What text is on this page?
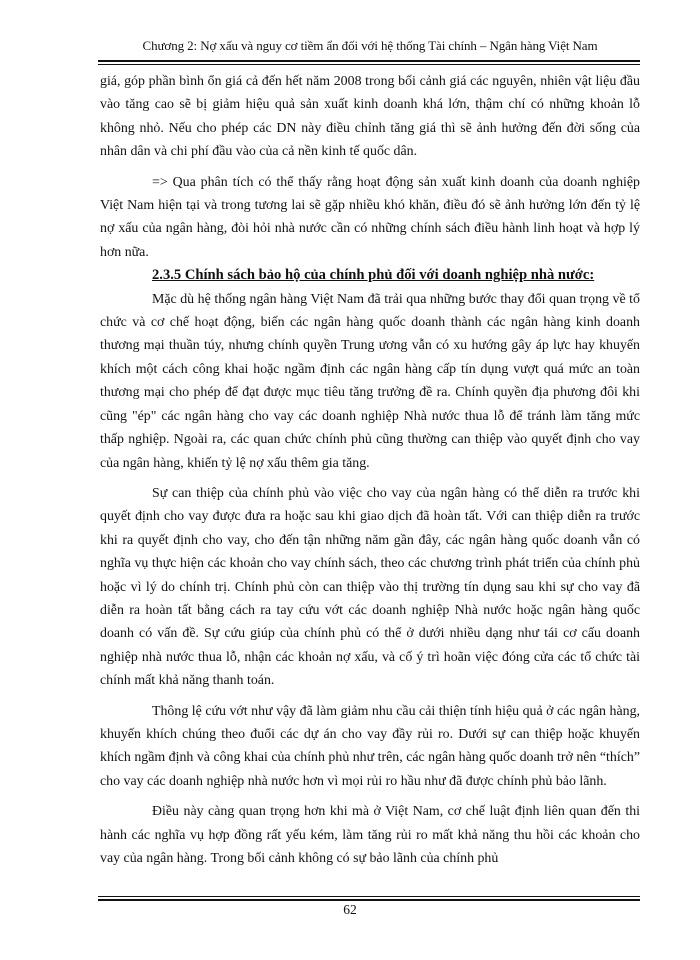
Chương 2: Nợ xấu và nguy cơ tiềm ẩn đối với hệ thống Tài chính – Ngân hàng Việt Nam

giá, góp phần bình ổn giá cả đến hết năm 2008 trong bối cảnh giá các nguyên, nhiên vật liệu đầu vào tăng cao sẽ bị giảm hiệu quả sản xuất kinh doanh khá lớn, thậm chí có những khoản lỗ không nhỏ. Nếu cho phép các DN này điều chỉnh tăng giá thì sẽ ảnh hưởng đến đời sống của nhân dân và chi phí đầu vào của cả nền kinh tế quốc dân.

=> Qua phân tích có thể thấy rằng hoạt động sản xuất kinh doanh của doanh nghiệp Việt Nam hiện tại và trong tương lai sẽ gặp nhiều khó khăn, điều đó sẽ ảnh hưởng lớn đến tỷ lệ nợ xấu của ngân hàng, đòi hỏi nhà nước cần có những chính sách điều hành linh hoạt và hợp lý hơn nữa.

2.3.5 Chính sách bảo hộ của chính phủ đối với doanh nghiệp nhà nước:

Mặc dù hệ thống ngân hàng Việt Nam đã trải qua những bước thay đổi quan trọng về tổ chức và cơ chế hoạt động, biến các ngân hàng quốc doanh thành các ngân hàng kinh doanh thương mại thuần túy, nhưng chính quyền Trung ương vẫn có xu hướng gây áp lực hay khuyến khích một cách công khai hoặc ngầm định các ngân hàng cấp tín dụng vượt quá mức an toàn thương mại cho phép để đạt được mục tiêu tăng trưởng đề ra. Chính quyền địa phương đôi khi cũng "ép" các ngân hàng cho vay các doanh nghiệp Nhà nước thua lỗ để tránh làm tăng mức thấp nghiệp. Ngoài ra, các quan chức chính phủ cũng thường can thiệp vào quyết định cho vay của ngân hàng, khiến tỷ lệ nợ xấu thêm gia tăng.

Sự can thiệp của chính phủ vào việc cho vay của ngân hàng có thể diễn ra trước khi quyết định cho vay được đưa ra hoặc sau khi giao dịch đã hoàn tất. Với can thiệp diễn ra trước khi ra quyết định cho vay, cho đến tận những năm gần đây, các ngân hàng quốc doanh vẫn có nghĩa vụ thực hiện các khoản cho vay chính sách, theo các chương trình phát triển của chính phủ hoặc vì lý do chính trị. Chính phủ còn can thiệp vào thị trường tín dụng sau khi sự cho vay đã diễn ra hoàn tất bằng cách ra tay cứu vớt các doanh nghiệp Nhà nước hoặc ngân hàng quốc doanh có vấn đề. Sự cứu giúp của chính phủ có thể ở dưới nhiều dạng như tái cơ cấu doanh nghiệp nhà nước thua lỗ, nhận các khoản nợ xấu, và cố ý trì hoãn việc đóng cửa các tổ chức tài chính mất khả năng thanh toán.

Thông lệ cứu vớt như vậy đã làm giảm nhu cầu cải thiện tính hiệu quả ở các ngân hàng, khuyến khích chúng theo đuổi các dự án cho vay đầy rủi ro. Dưới sự can thiệp hoặc khuyến khích ngầm định và công khai của chính phủ như trên, các ngân hàng quốc doanh trở nên “thích” cho vay các doanh nghiệp nhà nước hơn vì mọi rủi ro hầu như đã được chính phủ bảo lãnh.

Điều này càng quan trọng hơn khi mà ở Việt Nam, cơ chế luật định liên quan đến thi hành các nghĩa vụ hợp đồng rất yếu kém, làm tăng rủi ro mất khả năng thu hồi các khoản cho vay của ngân hàng. Trong bối cảnh không có sự bảo lãnh của chính phủ

62
